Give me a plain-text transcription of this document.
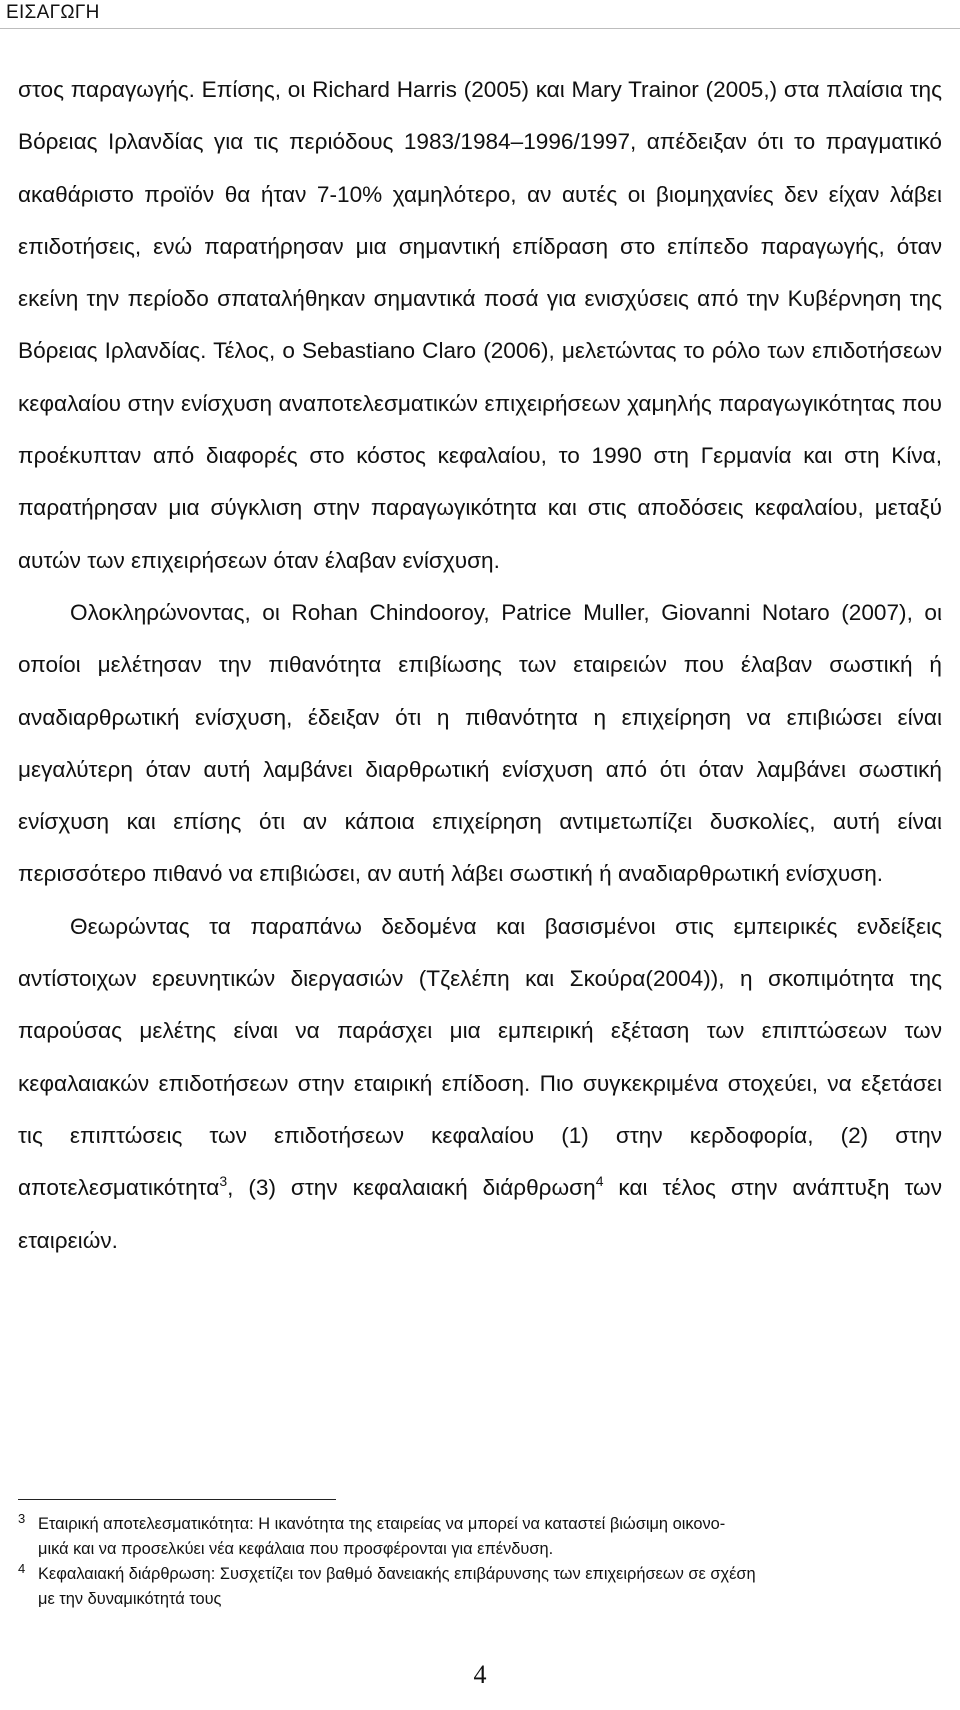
ΕΙΣΑΓΩΓΗ

στος παραγωγής. Επίσης, οι Richard Harris (2005) και Mary Trainor (2005,) στα πλαίσια της Βόρειας Ιρλανδίας για τις περιόδους 1983/1984–1996/1997, απέδειξαν ότι το πραγματικό ακαθάριστο προϊόν θα ήταν 7-10% χαμηλότερο, αν αυτές οι βιομηχανίες δεν είχαν λάβει επιδοτήσεις, ενώ παρατήρησαν μια σημαντική επίδραση στο επίπεδο παραγωγής, όταν εκείνη την περίοδο σπαταλήθηκαν σημαντικά ποσά για ενισχύσεις από την Κυβέρνηση της Βόρειας Ιρλανδίας. Τέλος, ο Sebastiano Claro (2006), μελετώντας το ρόλο των επιδοτήσεων κεφαλαίου στην ενίσχυση αναποτελεσματικών επιχειρήσεων χαμηλής παραγωγικότητας που προέκυπταν από διαφορές στο κόστος κεφαλαίου, το 1990 στη Γερμανία και στη Κίνα, παρατήρησαν μια σύγκλιση στην παραγωγικότητα και στις αποδόσεις κεφαλαίου, μεταξύ αυτών των επιχειρήσεων όταν έλαβαν ενίσχυση.

Ολοκληρώνοντας, οι Rohan Chindooroy, Patrice Muller, Giovanni Notaro (2007), οι οποίοι μελέτησαν την πιθανότητα επιβίωσης των εταιρειών που έλαβαν σωστική ή αναδιαρθρωτική ενίσχυση, έδειξαν ότι η πιθανότητα η επιχείρηση να επιβιώσει είναι μεγαλύτερη όταν αυτή λαμβάνει διαρθρωτική ενίσχυση από ότι όταν λαμβάνει σωστική ενίσχυση και επίσης ότι αν κάποια επιχείρηση αντιμετωπίζει δυσκολίες, αυτή είναι περισσότερο πιθανό να επιβιώσει, αν αυτή λάβει σωστική ή αναδιαρθρωτική ενίσχυση.

Θεωρώντας τα παραπάνω δεδομένα και βασισμένοι στις εμπειρικές ενδείξεις αντίστοιχων ερευνητικών διεργασιών (Τζελέπη και Σκούρα(2004)), η σκοπιμότητα της παρούσας μελέτης είναι να παράσχει μια εμπειρική εξέταση των επιπτώσεων των κεφαλαιακών επιδοτήσεων στην εταιρική επίδοση. Πιο συγκεκριμένα στοχεύει, να εξετάσει τις επιπτώσεις των επιδοτήσεων κεφαλαίου (1) στην κερδοφορία, (2) στην αποτελεσματικότητα$^3$, (3) στην κεφαλαιακή διάρθρωση$^4$ και τέλος στην ανάπτυξη των εταιρειών.

3 Εταιρική αποτελεσματικότητα: Η ικανότητα της εταιρείας να μπορεί να καταστεί βιώσιμη οικονο-
μικά και να προσελκύει νέα κεφάλαια που προσφέρονται για επένδυση.
4 Κεφαλαιακή διάρθρωση: Συσχετίζει τον βαθμό δανειακής επιβάρυνσης των επιχειρήσεων σε σχέση
με την δυναμικότητά τους
4
